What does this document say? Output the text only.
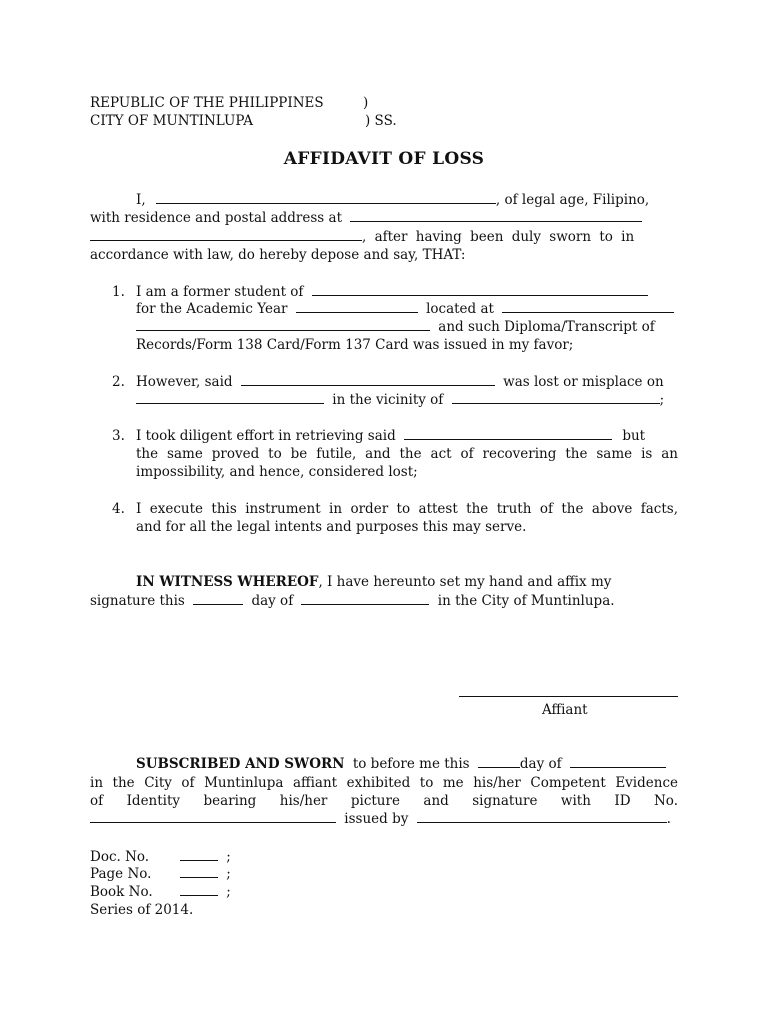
REPUBLIC OF THE PHILIPPINES	)
CITY OF MUNTINLUPA	) SS.
AFFIDAVIT OF LOSS
I,	, of legal age, Filipino,
with residence and postal address at
, after having been duly sworn to in
accordance with law, do hereby depose and say, THAT:
1. I am a former student of
for the Academic Year	located at
and such Diploma/Transcript of
Records/Form 138 Card/Form 137 Card was issued in my favor;
2. However, said	was lost or misplace on
in the vicinity of	;
3. I took diligent effort in retrieving said	but
the same proved to be futile, and the act of recovering the same is an
impossibility, and hence, considered lost;
4. I execute this instrument in order to attest the truth of the above facts,
and for all the legal intents and purposes this may serve.
IN WITNESS WHEREOF, I have hereunto set my hand and affix my
signature this	day of	in the City of Muntinlupa.
Affiant
SUBSCRIBED AND SWORN to before me this	day of
in the City of Muntinlupa affiant exhibited to me his/her Competent Evidence
of Identity bearing his/her picture and signature with ID No.
issued by	.
Doc. No.	;
Page No.	;
Book No.	;
Series of 2014.
